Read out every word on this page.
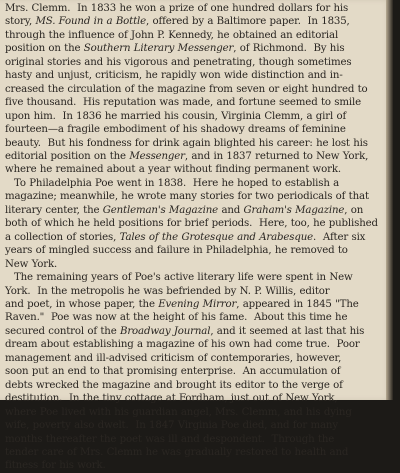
Mrs. Clemm.  In 1833 he won a prize of one hundred dollars for his
story, MS. Found in a Bottle, offered by a Baltimore paper.  In 1835,
through the influence of John P. Kennedy, he obtained an editorial
position on the Southern Literary Messenger, of Richmond.  By his
original stories and his vigorous and penetrating, though sometimes
hasty and unjust, criticism, he rapidly won wide distinction and in-
creased the circulation of the magazine from seven or eight hundred to
five thousand.  His reputation was made, and fortune seemed to smile
upon him.  In 1836 he married his cousin, Virginia Clemm, a girl of
fourteen—a fragile embodiment of his shadowy dreams of feminine
beauty.  But his fondness for drink again blighted his career: he lost his
editorial position on the Messenger, and in 1837 returned to New York,
where he remained about a year without finding permanent work.
To Philadelphia Poe went in 1838.  Here he hoped to establish a
magazine; meanwhile, he wrote many stories for two periodicals of that
literary center, the Gentleman's Magazine and Graham's Magazine, on
both of which he held positions for brief periods.  Here, too, he published
a collection of stories, Tales of the Grotesque and Arabesque.  After six
years of mingled success and failure in Philadelphia, he removed to
New York.
The remaining years of Poe's active literary life were spent in New
York.  In the metropolis he was befriended by N. P. Willis, editor
and poet, in whose paper, the Evening Mirror, appeared in 1845 "The
Raven."  Poe was now at the height of his fame.  About this time he
secured control of the Broadway Journal, and it seemed at last that his
dream about establishing a magazine of his own had come true.  Poor
management and ill-advised criticism of contemporaries, however,
soon put an end to that promising enterprise.  An accumulation of
debts wrecked the magazine and brought its editor to the verge of
destitution.  In the tiny cottage at Fordham, just out of New York,
where Poe lived with his guardian angel, Mrs. Clemm, and his dying
wife, poverty also dwelt.  In 1847 Virginia Poe died, and for many
months thereafter the poet was ill and despondent.  Through the
tender care of Mrs. Clemm he was gradually restored to health and
fitness for his work.
